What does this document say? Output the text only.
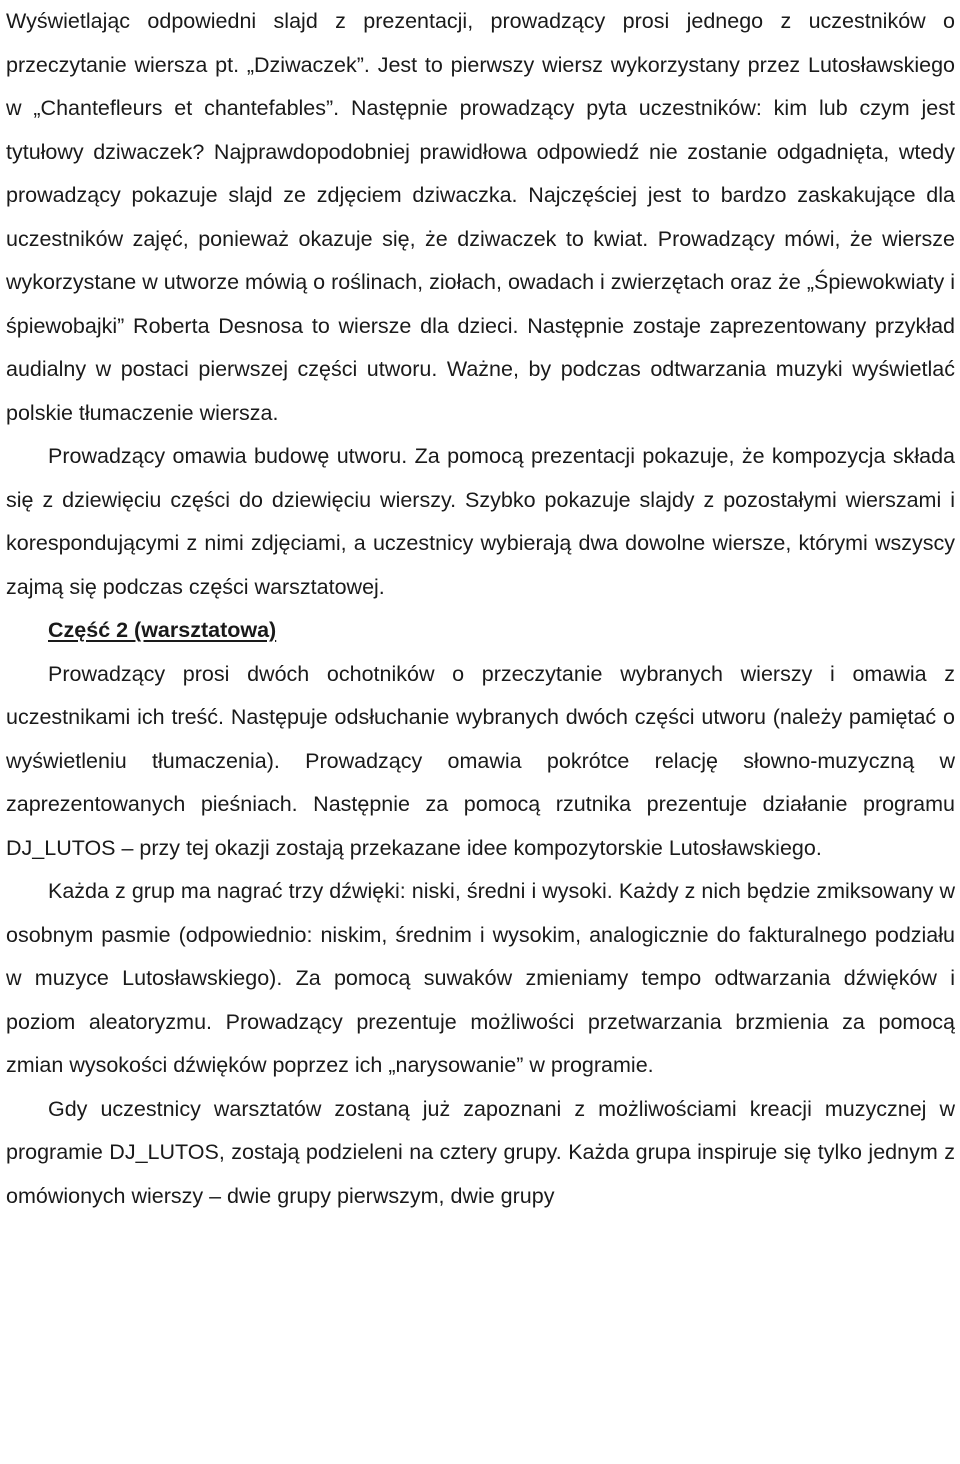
Wyświetlając odpowiedni slajd z prezentacji, prowadzący prosi jednego z uczestników o przeczytanie wiersza pt. „Dziwaczek”. Jest to pierwszy wiersz wykorzystany przez Lutosławskiego w „Chantefleurs et chantefables”. Następnie prowadzący pyta uczestników: kim lub czym jest tytułowy dziwaczek? Najprawdopodobniej prawidłowa odpowiedź nie zostanie odgadnięta, wtedy prowadzący pokazuje slajd ze zdjęciem dziwaczka. Najczęściej jest to bardzo zaskakujące dla uczestników zajęć, ponieważ okazuje się, że dziwaczek to kwiat. Prowadzący mówi, że wiersze wykorzystane w utworze mówią o roślinach, ziołach, owadach i zwierzętach oraz że „Śpiewokwiaty i śpiewobajki” Roberta Desnosa to wiersze dla dzieci. Następnie zostaje zaprezentowany przykład audialny w postaci pierwszej części utworu. Ważne, by podczas odtwarzania muzyki wyświetlać polskie tłumaczenie wiersza.

Prowadzący omawia budowę utworu. Za pomocą prezentacji pokazuje, że kompozycja składa się z dziewięciu części do dziewięciu wierszy. Szybko pokazuje slajdy z pozostałymi wierszami i korespondującymi z nimi zdjęciami, a uczestnicy wybierają dwa dowolne wiersze, którymi wszyscy zajmą się podczas części warsztatowej.

Część 2 (warsztatowa)

Prowadzący prosi dwóch ochotników o przeczytanie wybranych wierszy i omawia z uczestnikami ich treść. Następuje odsłuchanie wybranych dwóch części utworu (należy pamiętać o wyświetleniu tłumaczenia). Prowadzący omawia pokrótce relację słowno-muzyczną w zaprezentowanych pieśniach. Następnie za pomocą rzutnika prezentuje działanie programu DJ_LUTOS – przy tej okazji zostają przekazane idee kompozytorskie Lutosławskiego.

Każda z grup ma nagrać trzy dźwięki: niski, średni i wysoki. Każdy z nich będzie zmiksowany w osobnym pasmie (odpowiednio: niskim, średnim i wysokim, analogicznie do fakturalnego podziału w muzyce Lutosławskiego). Za pomocą suwaków zmieniamy tempo odtwarzania dźwięków i poziom aleatoryzmu. Prowadzący prezentuje możliwości przetwarzania brzmienia za pomocą zmian wysokości dźwięków poprzez ich „narysowanie” w programie.

Gdy uczestnicy warsztatów zostaną już zapoznani z możliwościami kreacji muzycznej w programie DJ_LUTOS, zostają podzieleni na cztery grupy. Każda grupa inspiruje się tylko jednym z omówionych wierszy – dwie grupy pierwszym, dwie grupy
